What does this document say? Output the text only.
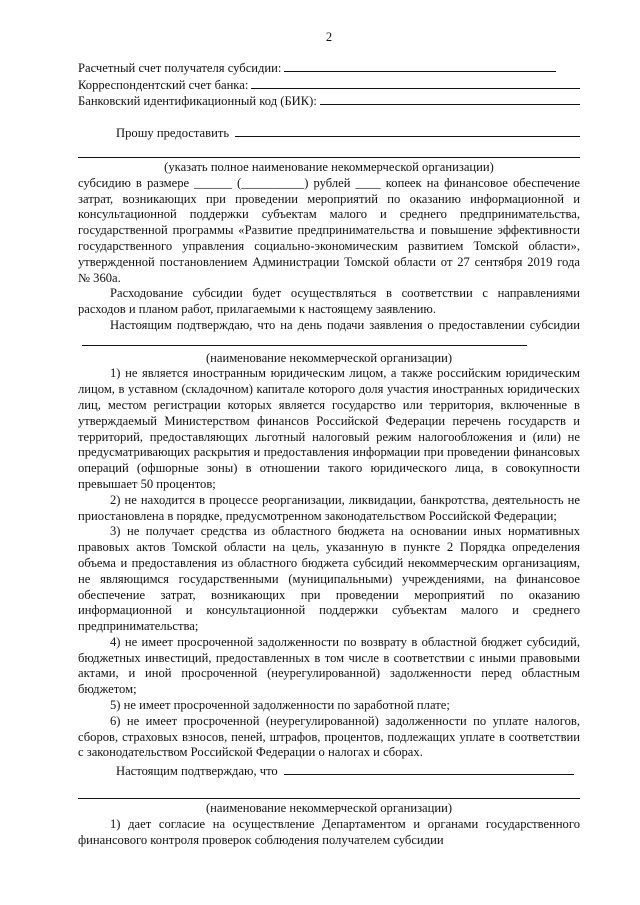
2
Расчетный счет получателя субсидии:
Корреспондентский счет банка:
Банковский идентификационный код (БИК):
Прошу предоставить

(указать полное наименование некоммерческой организации)

субсидию в размере ______ (__________) рублей ____ копеек на финансовое обеспечение затрат, возникающих при проведении мероприятий по оказанию информационной и консультационной поддержки субъектам малого и среднего предпринимательства, государственной программы «Развитие предпринимательства и повышение эффективности государственного управления социально-экономическим развитием Томской области», утвержденной постановлением Администрации Томской области от 27 сентября 2019 года № 360а.

Расходование субсидии будет осуществляться в соответствии с направлениями расходов и планом работ, прилагаемыми к настоящему заявлению.

Настоящим подтверждаю, что на день подачи заявления о предоставлении субсидии

(наименование некоммерческой организации)

1) не является иностранным юридическим лицом, а также российским юридическим лицом, в уставном (складочном) капитале которого доля участия иностранных юридических лиц, местом регистрации которых является государство или территория, включенные в утверждаемый Министерством финансов Российской Федерации перечень государств и территорий, предоставляющих льготный налоговый режим налогообложения и (или) не предусматривающих раскрытия и предоставления информации при проведении финансовых операций (офшорные зоны) в отношении такого юридического лица, в совокупности превышает 50 процентов;

2) не находится в процессе реорганизации, ликвидации, банкротства, деятельность не приостановлена в порядке, предусмотренном законодательством Российской Федерации;

3) не получает средства из областного бюджета на основании иных нормативных правовых актов Томской области на цель, указанную в пункте 2 Порядка определения объема и предоставления из областного бюджета субсидий некоммерческим организациям, не являющимся государственными (муниципальными) учреждениями, на финансовое обеспечение затрат, возникающих при проведении мероприятий по оказанию информационной и консультационной поддержки субъектам малого и среднего предпринимательства;

4) не имеет просроченной задолженности по возврату в областной бюджет субсидий, бюджетных инвестиций, предоставленных в том числе в соответствии с иными правовыми актами, и иной просроченной (неурегулированной) задолженности перед областным бюджетом;

5) не имеет просроченной задолженности по заработной плате;

6) не имеет просроченной (неурегулированной) задолженности по уплате налогов, сборов, страховых взносов, пеней, штрафов, процентов, подлежащих уплате в соответствии с законодательством Российской Федерации о налогах и сборах.

Настоящим подтверждаю, что

(наименование некоммерческой организации)

1) дает согласие на осуществление Департаментом и органами государственного финансового контроля проверок соблюдения получателем субсидии
